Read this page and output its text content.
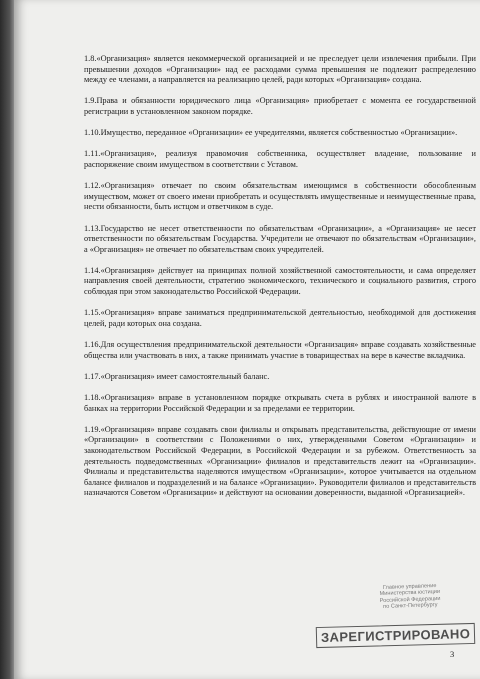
1.8.«Организация» является некоммерческой организацией и не преследует цели извлечения прибыли. При превышении доходов «Организации» над ее расходами сумма превышения не подлежит распределению между ее членами, а направляется на реализацию целей, ради которых «Организация» создана.

1.9.Права и обязанности юридического лица «Организация» приобретает с момента ее государственной регистрации в установленном законом порядке.

1.10.Имущество, переданное «Организации» ее учредителями, является собственностью «Организации».

1.11.«Организация», реализуя правомочия собственника, осуществляет владение, пользование и распоряжение своим имуществом в соответствии с Уставом.

1.12.«Организация» отвечает по своим обязательствам имеющимся в собственности обособленным имуществом, может от своего имени приобретать и осуществлять имущественные и неимущественные права, нести обязанности, быть истцом и ответчиком в суде.

1.13.Государство не несет ответственности по обязательствам «Организации», а «Организация» не несет ответственности по обязательствам Государства. Учредители не отвечают по обязательствам «Организации», а «Организация» не отвечает по обязательствам своих учредителей.

1.14.«Организация» действует на принципах полной хозяйственной самостоятельности, и сама определяет направления своей деятельности, стратегию экономического, технического и социального развития, строго соблюдая при этом законодательство Российской Федерации.

1.15.«Организация» вправе заниматься предпринимательской деятельностью, необходимой для достижения целей, ради которых она создана.

1.16.Для осуществления предпринимательской деятельности «Организация» вправе создавать хозяйственные общества или участвовать в них, а также принимать участие в товариществах на вере в качестве вкладчика.

1.17.«Организация» имеет самостоятельный баланс.

1.18.«Организация» вправе в установленном порядке открывать счета в рублях и иностранной валюте в банках на территории Российской Федерации и за пределами ее территории.

1.19.«Организация» вправе создавать свои филиалы и открывать представительства, действующие от имени «Организации» в соответствии с Положениями о них, утвержденными Советом «Организации» и законодательством Российской Федерации, в Российской Федерации и за рубежом. Ответственность за деятельность подведомственных «Организации» филиалов и представительств лежит на «Организации». Филиалы и представительства наделяются имуществом «Организации», которое учитывается на отдельном балансе филиалов и подразделений и на балансе «Организации». Руководители филиалов и представительств назначаются Советом «Организации» и действуют на основании доверенности, выданной «Организацией».

Главное управление
Министерства юстиции
Российской Федерации
по Санкт-Петербургу
ЗАРЕГИСТРИРОВАНО
3
